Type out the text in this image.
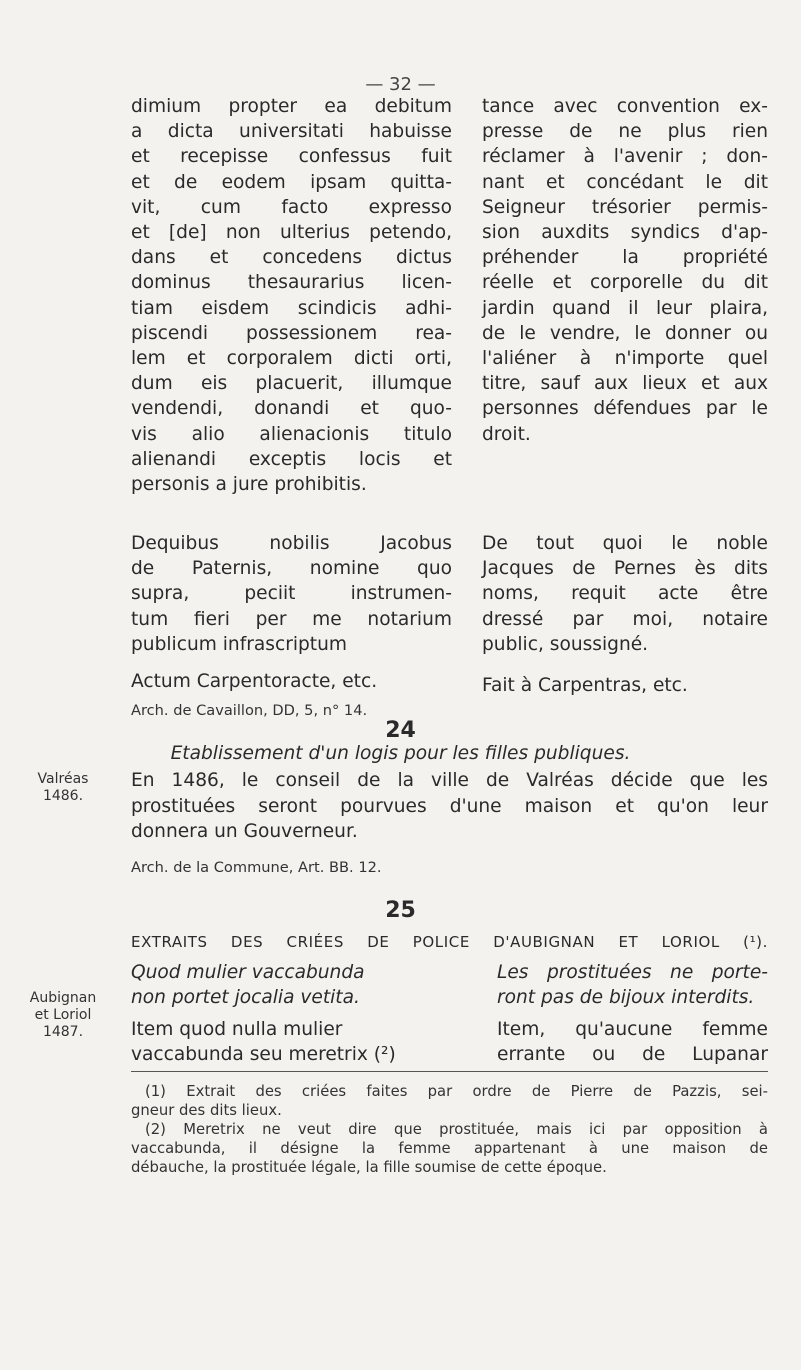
— 32 —
dimium propter ea debitum
a dicta universitati habuisse
et recepisse confessus fuit
et de eodem ipsam quitta-
vit, cum facto expresso
et [de] non ulterius petendo,
dans et concedens dictus
dominus thesaurarius licen-
tiam eisdem scindicis adhi-
piscendi possessionem rea-
lem et corporalem dicti orti,
dum eis placuerit, illumque
vendendi, donandi et quo-
vis alio alienacionis titulo
alienandi exceptis locis et
personis a jure prohibitis.
tance avec convention ex-
presse de ne plus rien
réclamer à l'avenir ; don-
nant et concédant le dit
Seigneur trésorier permis-
sion auxdits syndics d'ap-
préhender la propriété
réelle et corporelle du dit
jardin quand il leur plaira,
de le vendre, le donner ou
l'aliéner à n'importe quel
titre, sauf aux lieux et aux
personnes défendues par le
droit.
Dequibus nobilis Jacobus
de Paternis, nomine quo
supra, peciit instrumen-
tum fieri per me notarium
publicum infrascriptum
Actum Carpentoracte, etc.
Arch. de Cavaillon, DD, 5, n° 14.
De tout quoi le noble
Jacques de Pernes ès dits
noms, requit acte être
dressé par moi, notaire
public, soussigné.
Fait à Carpentras, etc.
24
Etablissement d'un logis pour les filles publiques.
Valréas
1486.
En 1486, le conseil de la ville de Valréas décide que les
prostituées seront pourvues d'une maison et qu'on leur
donnera un Gouverneur.
Arch. de la Commune, Art. BB. 12.
25
EXTRAITS DES CRIÉES DE POLICE D'AUBIGNAN ET LORIOL (¹).
Aubignan
et Loriol
1487.
Quod mulier vaccabunda
non portet jocalia vetita.
Les prostituées ne porte-
ront pas de bijoux interdits.
Item quod nulla mulier
vaccabunda seu meretrix (²)
Item, qu'aucune femme
errante ou de Lupanar
(1) Extrait des criées faites par ordre de Pierre de Pazzis, sei-
gneur des dits lieux.
(2) Meretrix ne veut dire que prostituée, mais ici par opposition à
vaccabunda, il désigne la femme appartenant à une maison de
débauche, la prostituée légale, la fille soumise de cette époque.
